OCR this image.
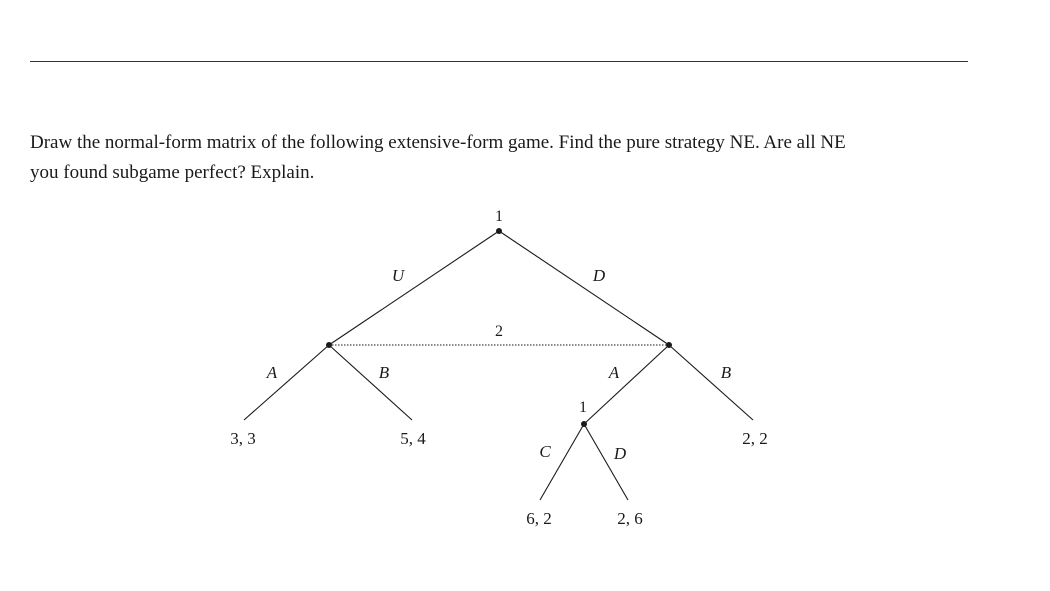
Draw the normal-form matrix of the following extensive-form game. Find the pure strategy NE. Are all NE

you found subgame perfect? Explain.

1
2
1
U	D
A	B	A	B
C	D
3, 3	5, 4
6, 2	2, 6
2, 2
